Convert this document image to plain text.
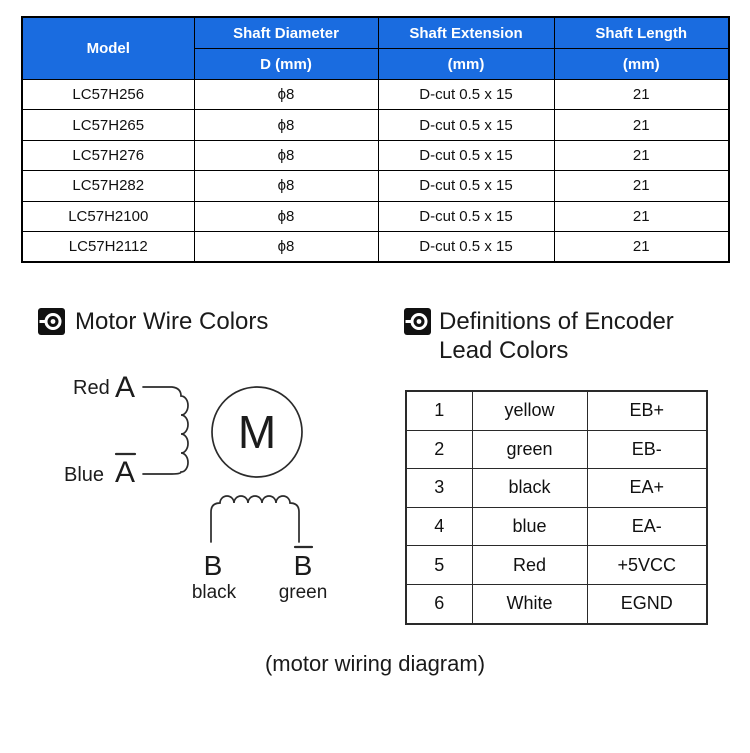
Model	Shaft Diameter	Shaft Extension	Shaft Length
	D (mm)	(mm)	(mm)
LC57H256	ϕ8	D-cut 0.5 x 15	21
LC57H265	ϕ8	D-cut 0.5 x 15	21
LC57H276	ϕ8	D-cut 0.5 x 15	21
LC57H282	ϕ8	D-cut 0.5 x 15	21
LC57H2100	ϕ8	D-cut 0.5 x 15	21
LC57H2112	ϕ8	D-cut 0.5 x 15	21
Motor Wire Colors	Definitions of Encoder
Lead Colors
Red A
Blue A
M
B	B
black green
1	yellow	EB+
2	green	EB-
3	black	EA+
4	blue	EA-
5	Red	+5VCC
6	White	EGND
(motor wiring diagram)
